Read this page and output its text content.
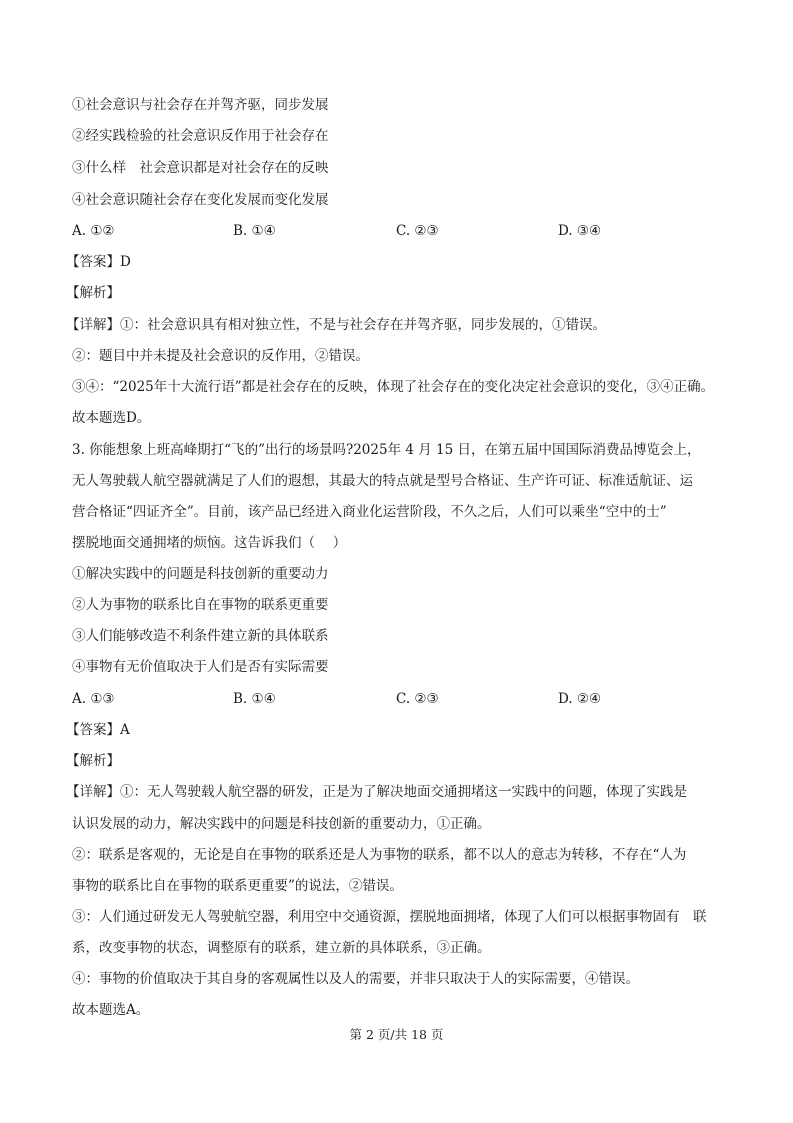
①社会意识与社会存在并驾齐驱，同步发展
②经实践检验的社会意识反作用于社会存在
③什么样　社会意识都是对社会存在的反映
④社会意识随社会存在变化发展而变化发展
A. ①②	B. ①④	C. ②③	D. ③④
【答案】D
【解析】
【详解】①：社会意识具有相对独立性，不是与社会存在并驾齐驱，同步发展的，①错误。
②：题目中并未提及社会意识的反作用，②错误。
③④：“2025年十大流行语”都是社会存在的反映，体现了社会存在的变化决定社会意识的变化，③④正确。
故本题选D。
3. 你能想象上班高峰期打“飞的”出行的场景吗?2025年 4 月 15 日，在第五届中国国际消费品博览会上，
无人驾驶载人航空器就满足了人们的遐想，其最大的特点就是型号合格证、生产许可证、标准适航证、运
营合格证“四证齐全”。目前，该产品已经进入商业化运营阶段，不久之后，人们可以乘坐“空中的士”
摆脱地面交通拥堵的烦恼。这告诉我们（　 ）
①解决实践中的问题是科技创新的重要动力
②人为事物的联系比自在事物的联系更重要
③人们能够改造不利条件建立新的具体联系
④事物有无价值取决于人们是否有实际需要
A. ①③	B. ①④	C. ②③	D. ②④
【答案】A
【解析】
【详解】①：无人驾驶载人航空器的研发，正是为了解决地面交通拥堵这一实践中的问题，体现了实践是
认识发展的动力，解决实践中的问题是科技创新的重要动力，①正确。
②：联系是客观的，无论是自在事物的联系还是人为事物的联系，都不以人的意志为转移，不存在“人为
事物的联系比自在事物的联系更重要”的说法，②错误。
③：人们通过研发无人驾驶航空器，利用空中交通资源，摆脱地面拥堵，体现了人们可以根据事物固有　联
系，改变事物的状态，调整原有的联系，建立新的具体联系，③正确。
④：事物的价值取决于其自身的客观属性以及人的需要，并非只取决于人的实际需要，④错误。
故本题选A。
第 2 页/共 18 页
